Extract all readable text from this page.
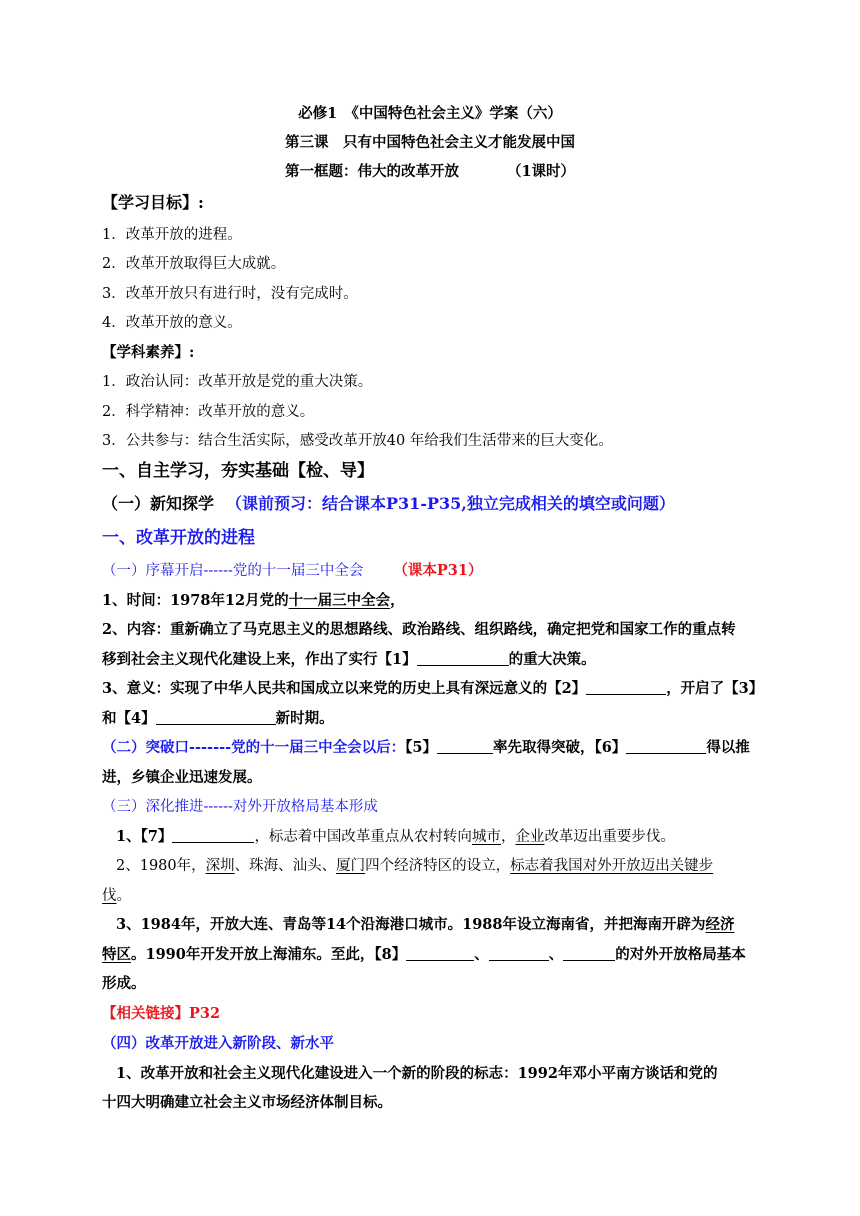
必修1　《中国特色社会主义》学案（六）
第三课　只有中国特色社会主义才能发展中国
第一框题：伟大的改革开放	（1课时）
【学习目标】:
1．改革开放的进程。
2．改革开放取得巨大成就。
3．改革开放只有进行时，没有完成时。
4．改革开放的意义。
【学科素养】:
1．政治认同：改革开放是党的重大决策。
2．科学精神：改革开放的意义。
3．公共参与：结合生活实际，感受改革开放40 年给我们生活带来的巨大变化。
一、自主学习，夯实基础【检、导】
（一）新知探学 （课前预习：结合课本P31-P35,独立完成相关的填空或问题）
一、改革开放的进程
（一）序幕开启------党的十一届三中全会 （课本P31）
1、时间：1978年12月党的十一届三中全会，
2、内容：重新确立了马克思主义的思想路线、政治路线、组织路线，确定把党和国家工作的重点转
移到社会主义现代化建设上来，作出了实行【1】	的重大决策。
3、意义：实现了中华人民共和国成立以来党的历史上具有深远意义的【2】	，开启了【3】
和【4】	新时期。
（二）突破口-------党的十一届三中全会以后：【5】	率先取得突破，【6】	得以推
进，乡镇企业迅速发展。
（三）深化推进------对外开放格局基本形成
1、【7】	，标志着中国改革重点从农村转向城市，企业改革迈出重要步伐。
2、1980年，深圳、珠海、汕头、厦门四个经济特区的设立，标志着我国对外开放迈出关键步
伐。
3、1984年，开放大连、青岛等14个沿海港口城市。1988年设立海南省，并把海南开辟为经济
特区。1990年开发开放上海浦东。至此，【8】	、	、	的对外开放格局基本
形成。
【相关链接】P32
（四）改革开放进入新阶段、新水平
1、改革开放和社会主义现代化建设进入一个新的阶段的标志：1992年邓小平南方谈话和党的
十四大明确建立社会主义市场经济体制目标。
